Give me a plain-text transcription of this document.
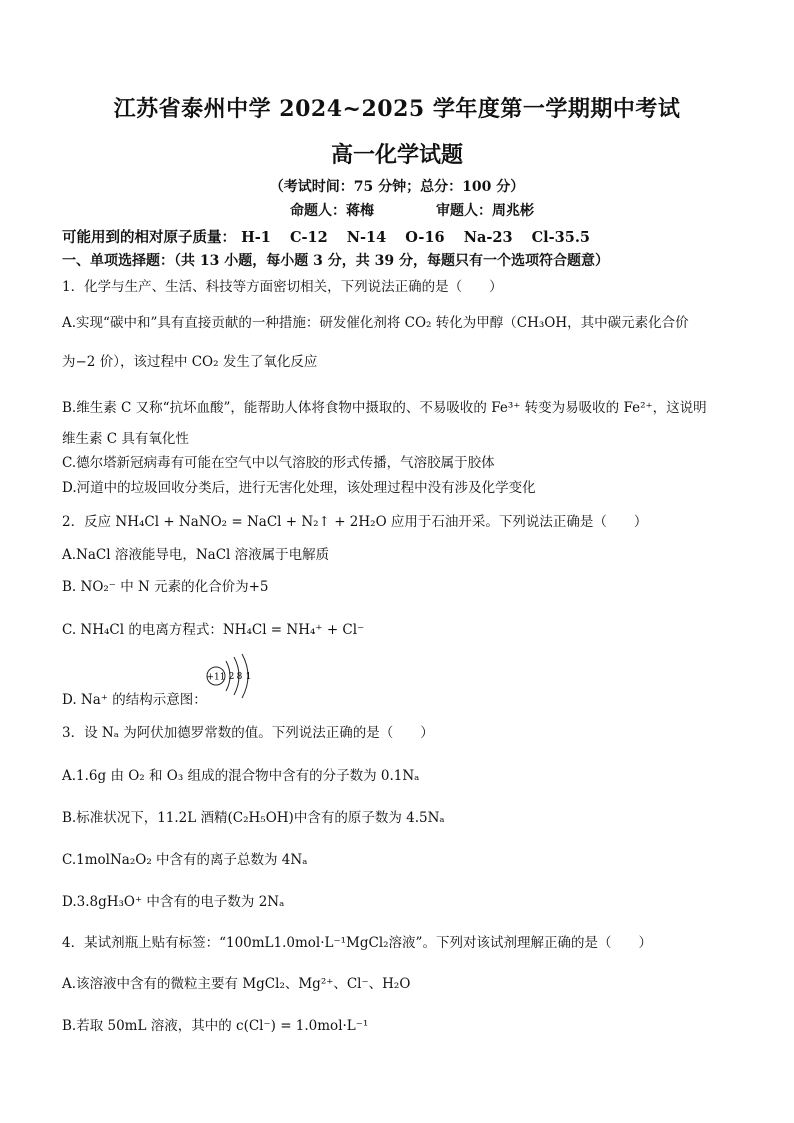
江苏省泰州中学 2024~2025 学年度第一学期期中考试
高一化学试题
（考试时间：75 分钟；总分：100 分）
命题人：蒋梅	审题人：周兆彬
可能用到的相对原子质量： H-1 C-12 N-14 O-16 Na-23 Cl-35.5
一、单项选择题：（共 13 小题，每小题 3 分，共 39 分，每题只有一个选项符合题意）
1．化学与生产、生活、科技等方面密切相关，下列说法正确的是（　　）
A.实现“碳中和”具有直接贡献的一种措施：研发催化剂将 CO₂ 转化为甲醇（CH₃OH，其中碳元素化合价
为−2 价），该过程中 CO₂ 发生了氧化反应
B.维生素 C 又称“抗坏血酸”，能帮助人体将食物中摄取的、不易吸收的 Fe³⁺ 转变为易吸收的 Fe²⁺，这说明
维生素 C 具有氧化性
C.德尔塔新冠病毒有可能在空气中以气溶胶的形式传播，气溶胶属于胶体
D.河道中的垃圾回收分类后，进行无害化处理，该处理过程中没有涉及化学变化
2．反应 NH₄Cl + NaNO₂ = NaCl + N₂↑ + 2H₂O 应用于石油开采。下列说法正确是（　　）
A.NaCl 溶液能导电，NaCl 溶液属于电解质
B. NO₂⁻ 中 N 元素的化合价为+5
C. NH₄Cl 的电离方程式：NH₄Cl = NH₄⁺ + Cl⁻
D. Na⁺ 的结构示意图：
+11 2 8 1
3．设 Nₐ 为阿伏加德罗常数的值。下列说法正确的是（　　）
A.1.6g 由 O₂ 和 O₃ 组成的混合物中含有的分子数为 0.1Nₐ
B.标准状况下，11.2L 酒精(C₂H₅OH)中含有的原子数为 4.5Nₐ
C.1molNa₂O₂ 中含有的离子总数为 4Nₐ
D.3.8gH₃O⁺ 中含有的电子数为 2Nₐ
4．某试剂瓶上贴有标签：“100mL1.0mol·L⁻¹MgCl₂溶液”。下列对该试剂理解正确的是（　　）
A.该溶液中含有的微粒主要有 MgCl₂、Mg²⁺、Cl⁻、H₂O
B.若取 50mL 溶液，其中的 c(Cl⁻) = 1.0mol·L⁻¹
